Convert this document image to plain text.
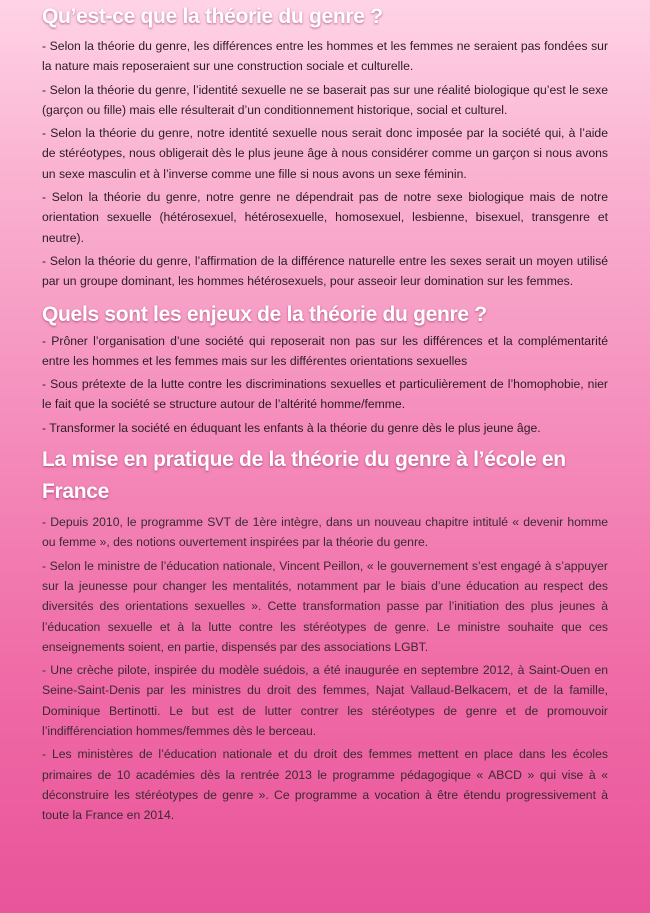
Qu’est-ce que la théorie du genre ?

- Selon la théorie du genre, les différences entre les hommes et les femmes ne seraient pas fondées sur la nature mais reposeraient sur une construction sociale et culturelle.

- Selon la théorie du genre, l’identité sexuelle ne se baserait pas sur une réalité biologique qu’est le sexe (garçon ou fille) mais elle résulterait d’un conditionnement historique, social et culturel.

- Selon la théorie du genre, notre identité sexuelle nous serait donc imposée par la société qui, à l’aide de stéréotypes, nous obligerait dès le plus jeune âge à nous considérer comme un garçon si nous avons un sexe masculin et à l’inverse comme une fille si nous avons un sexe féminin.

- Selon la théorie du genre, notre genre ne dépendrait pas de notre sexe biologique mais de notre orientation sexuelle (hétérosexuel, hétérosexuelle, homosexuel, lesbienne, bisexuel, transgenre et neutre).

- Selon la théorie du genre, l’affirmation de la différence naturelle entre les sexes serait un moyen utilisé par un groupe dominant, les hommes hétérosexuels, pour asseoir leur domination sur les femmes.

Quels sont les enjeux de la théorie du genre ?

- Prôner l’organisation d’une société qui reposerait non pas sur les différences et la complémentarité entre les hommes et les femmes mais sur les différentes orientations sexuelles

- Sous prétexte de la lutte contre les discriminations sexuelles et particulièrement de l’homophobie, nier le fait que la société se structure autour de l’altérité homme/femme.

- Transformer la société en éduquant les enfants à la théorie du genre dès le plus jeune âge.

La mise en pratique de la théorie du genre à l’école en France

- Depuis 2010, le programme SVT de 1ère intègre, dans un nouveau chapitre intitulé « devenir homme ou femme », des notions ouvertement inspirées par la théorie du genre.

- Selon le ministre de l’éducation nationale, Vincent Peillon, « le gouvernement s’est engagé à s’appuyer sur la jeunesse pour changer les mentalités, notamment par le biais d’une éducation au respect des diversités des orientations sexuelles ». Cette transformation passe par l’initiation des plus jeunes à l’éducation sexuelle et à la lutte contre les stéréotypes de genre. Le ministre souhaite que ces enseignements soient, en partie, dispensés par des associations LGBT.

- Une crèche pilote, inspirée du modèle suédois, a été inaugurée en septembre 2012, à Saint-Ouen en Seine-Saint-Denis par les ministres du droit des femmes, Najat Vallaud-Belkacem, et de la famille, Dominique Bertinotti. Le but est de lutter contrer les stéréotypes de genre et de promouvoir l’indifférenciation hommes/femmes dès le berceau.

- Les ministères de l’éducation nationale et du droit des femmes mettent en place dans les écoles primaires de 10 académies dès la rentrée 2013 le programme pédagogique « ABCD » qui vise à « déconstruire les stéréotypes de genre ». Ce programme a vocation à être étendu progressivement à toute la France en 2014.
